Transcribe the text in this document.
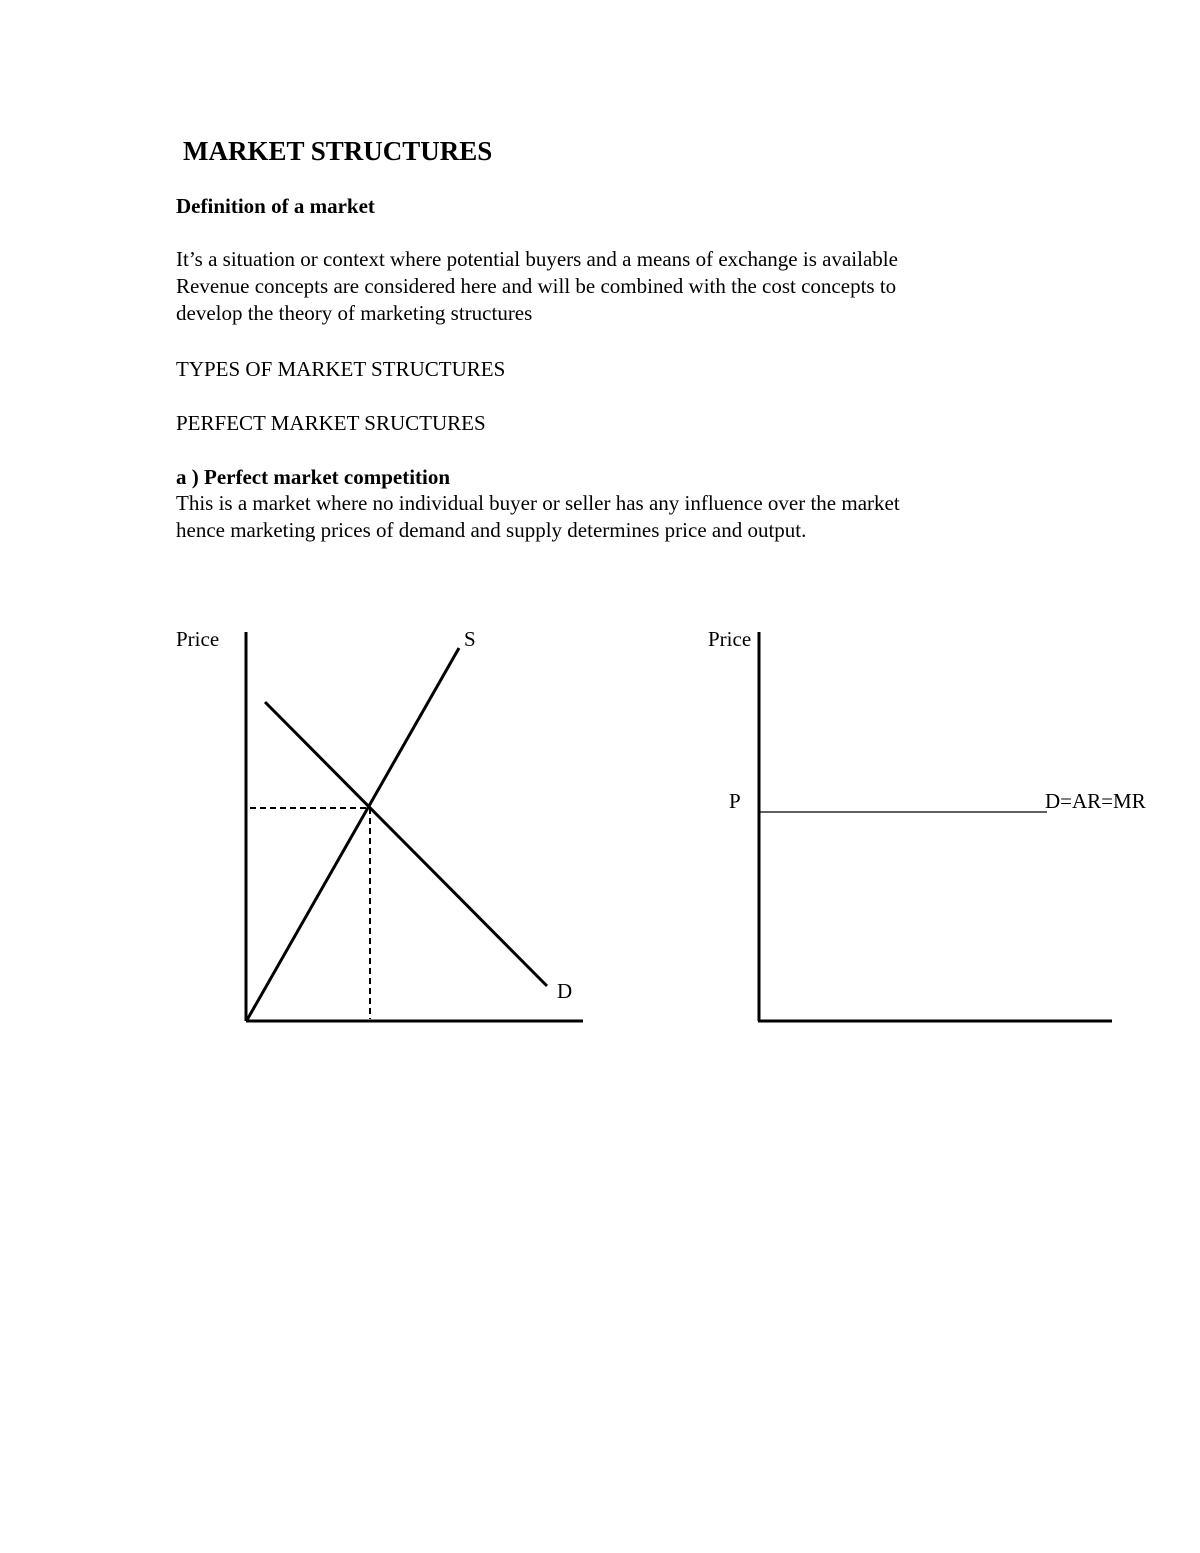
MARKET STRUCTURES
Definition of a market
It’s a situation or context where potential buyers and a means of exchange is available
Revenue concepts are considered here and will be combined with the cost concepts to
develop the theory of marketing structures
TYPES OF MARKET STRUCTURES
PERFECT MARKET SRUCTURES
a ) Perfect market competition
This is a market where no individual buyer or seller has any influence over the market
hence marketing prices of demand and supply determines price and output.
Price	S
D
Price
P	D=AR=MR
